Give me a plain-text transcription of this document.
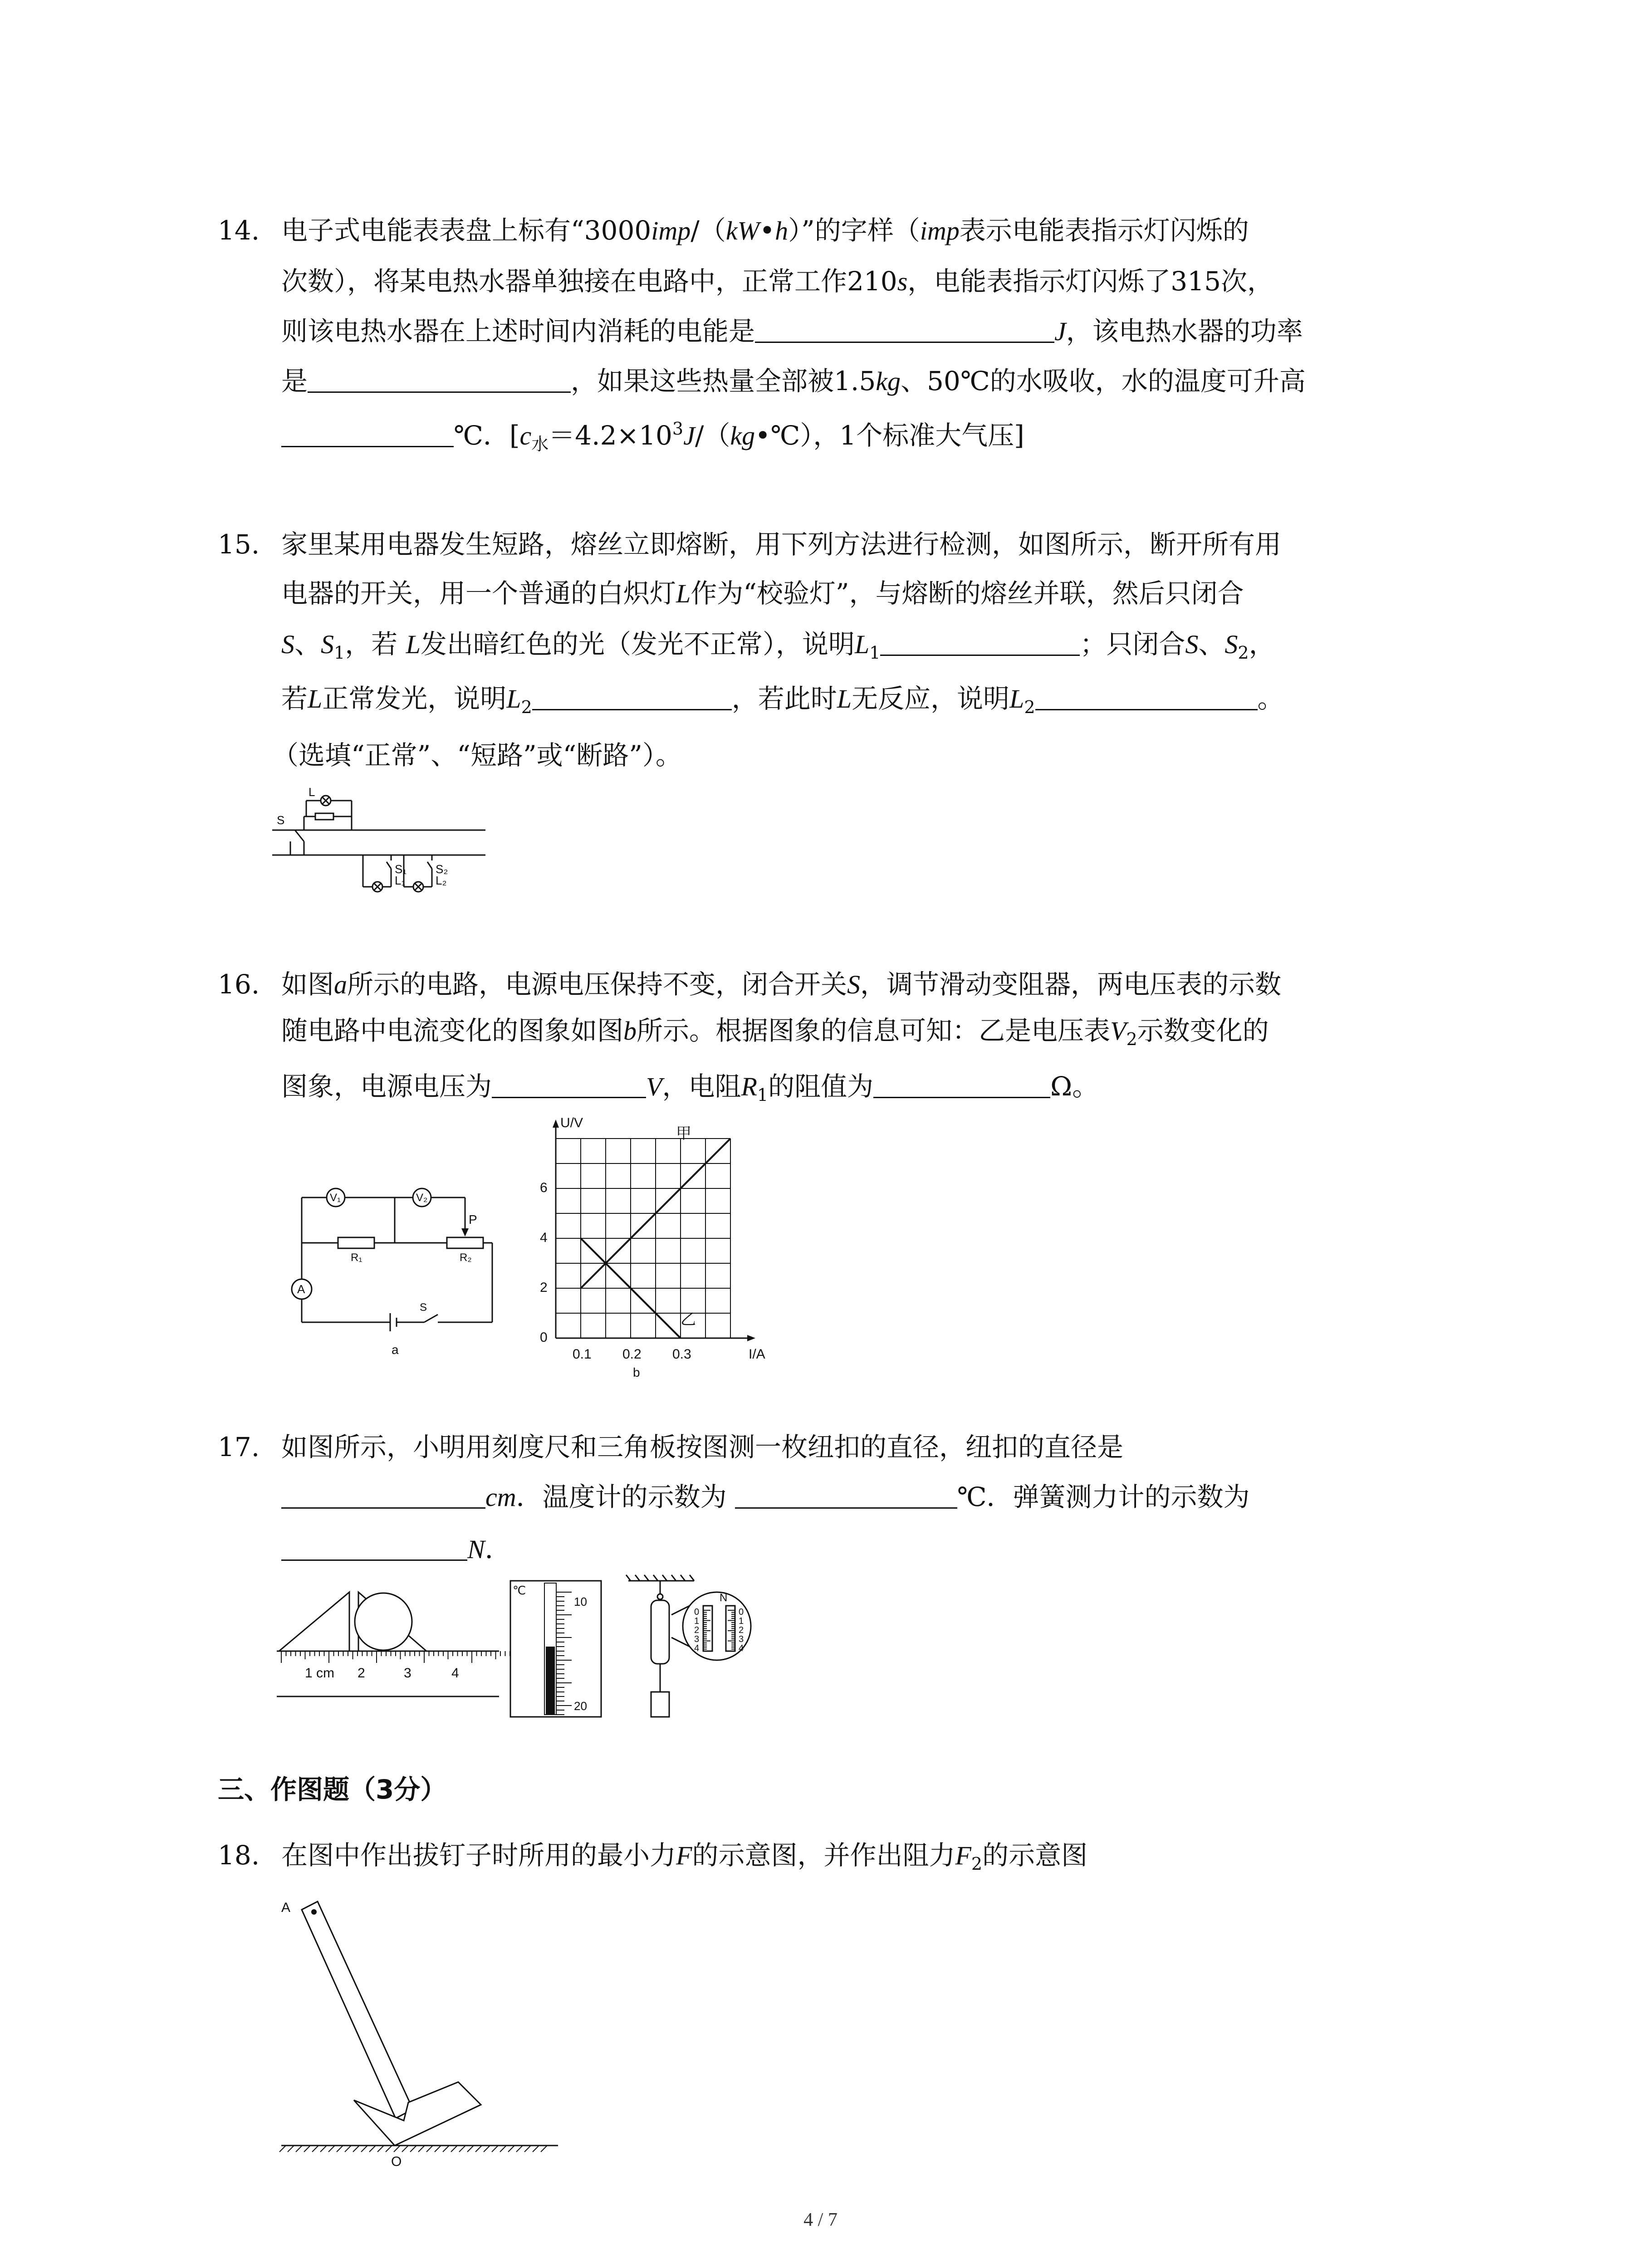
14. 电子式电能表表盘上标有“3000imp/（kW•h）”的字样（imp表示电能表指示灯闪烁的
次数），将某电热水器单独接在电路中，正常工作210s，电能表指示灯闪烁了315次，
则该电热水器在上述时间内消耗的电能是	J，该电热水器的功率
是	，如果这些热量全部被1.5kg、50℃的水吸收，水的温度可升高
℃．[$c_水=4.2\times 10^3J/(kg•℃)$，1个标准大气压]
15. 家里某用电器发生短路，熔丝立即熔断，用下列方法进行检测，如图所示，断开所有用
电器的开关，用一个普通的白炽灯L作为“校验灯”，与熔断的熔丝并联，然后只闭合
S、$S_1$，若 L发出暗红色的光（发光不正常），说明$L_1$	；只闭合S、$S_2$，
若L正常发光，说明$L_2$	，若此时L无反应，说明$L_2$	。
（选填“正常”、“短路”或“断路”）。
S
L
S₁
L₁
S₂
L₂
16. 如图a所示的电路，电源电压保持不变，闭合开关S，调节滑动变阻器，两电压表的示数
随电路中电流变化的图象如图b所示。根据图象的信息可知：乙是电压表$V_2$示数变化的
图象，电源电压为	V，电阻$R_1$的阻值为	Ω。
V₁	V₂
P
R₁	R₂
A
S
a
U/V
I/A
0
2
4
6
0.1 0.2 0.3
甲
乙
b
17. 如图所示，小明用刻度尺和三角板按图测一枚纽扣的直径，纽扣的直径是
cm．温度计的示数为	℃．弹簧测力计的示数为
N．
1 cm 2	3	4
℃
10
20
N
0
1
2
3
4
0
1
2
3
4
三、作图题（3分）
18. 在图中作出拔钉子时所用的最小力F的示意图，并作出阻力$F_2$的示意图
A
O
4 / 7
